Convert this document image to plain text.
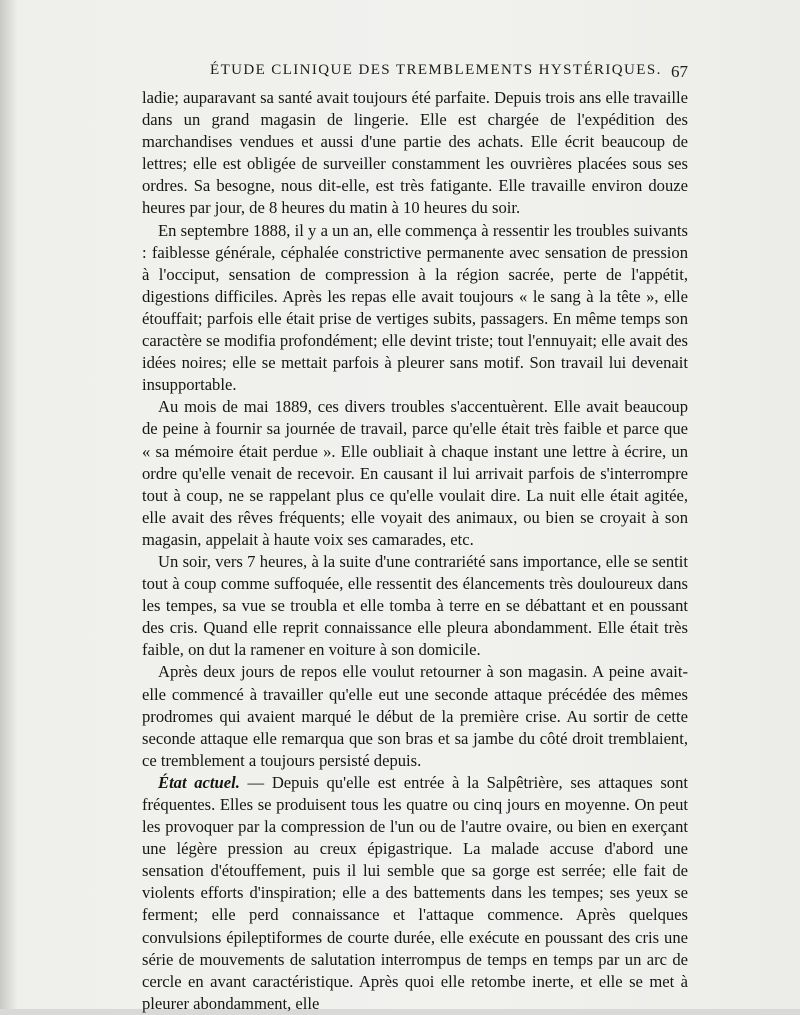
ÉTUDE CLINIQUE DES TREMBLEMENTS HYSTÉRIQUES. 67

ladie; auparavant sa santé avait toujours été parfaite. Depuis trois ans elle travaille dans un grand magasin de lingerie. Elle est chargée de l'expédition des marchandises vendues et aussi d'une partie des achats. Elle écrit beaucoup de lettres; elle est obligée de surveiller constamment les ouvrières placées sous ses ordres. Sa besogne, nous dit-elle, est très fatigante. Elle travaille environ douze heures par jour, de 8 heures du matin à 10 heures du soir.

En septembre 1888, il y a un an, elle commença à ressentir les troubles suivants : faiblesse générale, céphalée constrictive permanente avec sensation de pression à l'occiput, sensation de compression à la région sacrée, perte de l'appétit, digestions difficiles. Après les repas elle avait toujours « le sang à la tête », elle étouffait; parfois elle était prise de vertiges subits, passagers. En même temps son caractère se modifia profondément; elle devint triste; tout l'ennuyait; elle avait des idées noires; elle se mettait parfois à pleurer sans motif. Son travail lui devenait insupportable.

Au mois de mai 1889, ces divers troubles s'accentuèrent. Elle avait beaucoup de peine à fournir sa journée de travail, parce qu'elle était très faible et parce que « sa mémoire était perdue ». Elle oubliait à chaque instant une lettre à écrire, un ordre qu'elle venait de recevoir. En causant il lui arrivait parfois de s'interrompre tout à coup, ne se rappelant plus ce qu'elle voulait dire. La nuit elle était agitée, elle avait des rêves fréquents; elle voyait des animaux, ou bien se croyait à son magasin, appelait à haute voix ses camarades, etc.

Un soir, vers 7 heures, à la suite d'une contrariété sans importance, elle se sentit tout à coup comme suffoquée, elle ressentit des élancements très douloureux dans les tempes, sa vue se troubla et elle tomba à terre en se débattant et en poussant des cris. Quand elle reprit connaissance elle pleura abondamment. Elle était très faible, on dut la ramener en voiture à son domicile.

Après deux jours de repos elle voulut retourner à son magasin. A peine avait-elle commencé à travailler qu'elle eut une seconde attaque précédée des mêmes prodromes qui avaient marqué le début de la première crise. Au sortir de cette seconde attaque elle remarqua que son bras et sa jambe du côté droit tremblaient, ce tremblement a toujours persisté depuis.

État actuel. — Depuis qu'elle est entrée à la Salpêtrière, ses attaques sont fréquentes. Elles se produisent tous les quatre ou cinq jours en moyenne. On peut les provoquer par la compression de l'un ou de l'autre ovaire, ou bien en exerçant une légère pression au creux épigastrique. La malade accuse d'abord une sensation d'étouffement, puis il lui semble que sa gorge est serrée; elle fait de violents efforts d'inspiration; elle a des battements dans les tempes; ses yeux se ferment; elle perd connaissance et l'attaque commence. Après quelques convulsions épileptiformes de courte durée, elle exécute en poussant des cris une série de mouvements de salutation interrompus de temps en temps par un arc de cercle en avant caractéristique. Après quoi elle retombe inerte, et elle se met à pleurer abondamment, elle
